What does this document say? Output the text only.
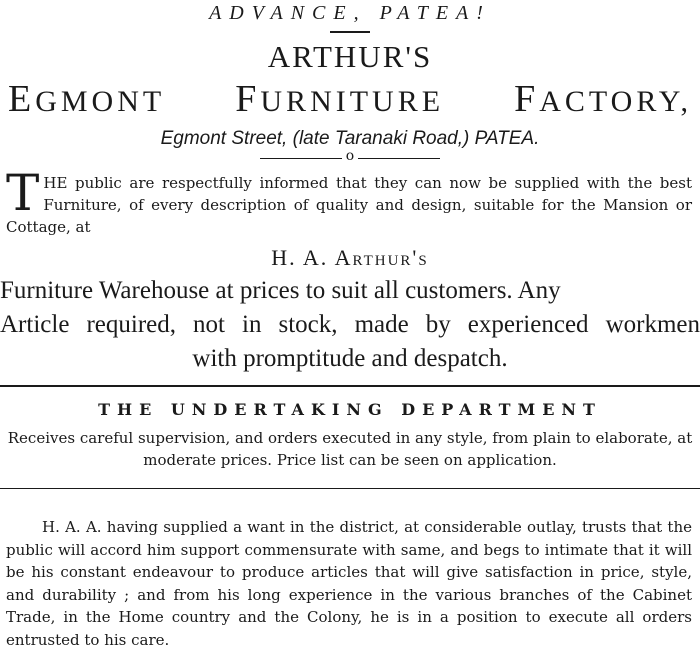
ADVANCE, PATEA!
ARTHUR'S
EGMONT FURNITURE FACTORY,
Egmont Street, (late Taranaki Road,) PATEA.
o
T HE public are respectfully informed that they can now be supplied with the best Furniture, of every description of quality and design, suitable for the Mansion or Cottage, at
H. A. Arthur's
Furniture Warehouse at prices to suit all customers. Any
Article required, not in stock, made by experienced workmen
with promptitude and despatch.
THE UNDERTAKING DEPARTMENT
Receives careful supervision, and orders executed in any style, from plain to elaborate, at moderate prices. Price list can be seen on application.
H. A. A. having supplied a want in the district, at considerable outlay, trusts that the public will accord him support commensurate with same, and begs to intimate that it will be his constant endeavour to produce articles that will give satisfaction in price, style, and durability ; and from his long experience in the various branches of the Cabinet Trade, in the Home country and the Colony, he is in a position to execute all orders entrusted to his care.
